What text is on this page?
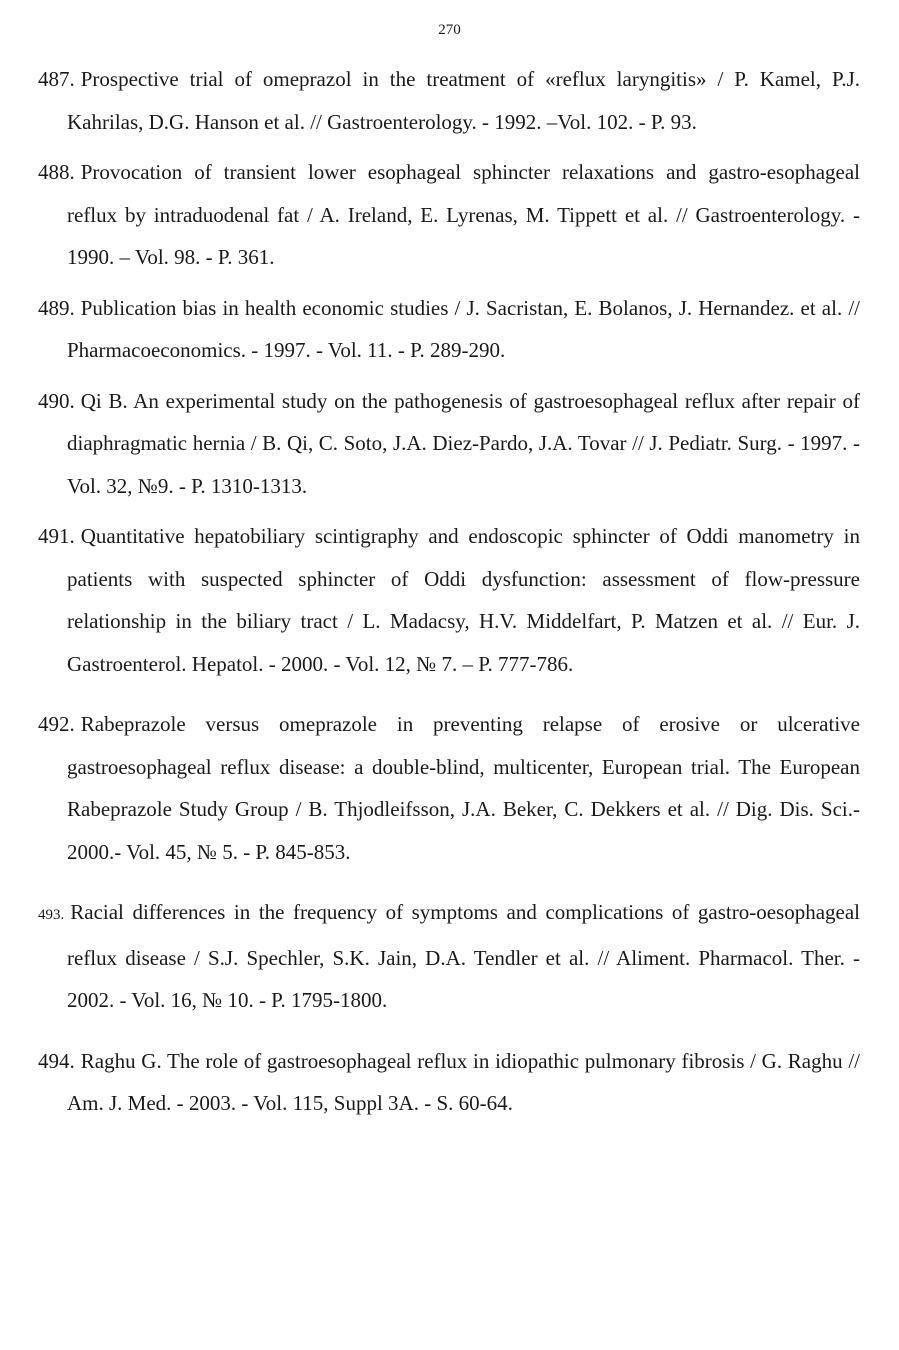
270
487. Prospective trial of omeprazol in the treatment of «reflux laryngitis» / P. Kamel, P.J. Kahrilas, D.G. Hanson et al. // Gastroenterology. - 1992. –Vol. 102. - P. 93.
488. Provocation of transient lower esophageal sphincter relaxations and gastro-esophageal reflux by intraduodenal fat / A. Ireland, E. Lyrenas, M. Tippett et al. // Gastroenterology. - 1990. – Vol. 98. - P. 361.
489. Publication bias in health economic studies / J. Sacristan, E. Bolanos, J. Hernandez. et al. // Pharmacoeconomics. - 1997. - Vol. 11. - P. 289-290.
490. Qi B. An experimental study on the pathogenesis of gastroesophageal reflux after repair of diaphragmatic hernia / B. Qi, C. Soto, J.A. Diez-Pardo, J.A. Tovar // J. Pediatr. Surg. - 1997. - Vol. 32, №9. - P. 1310-1313.
491. Quantitative hepatobiliary scintigraphy and endoscopic sphincter of Oddi manometry in patients with suspected sphincter of Oddi dysfunction: assessment of flow-pressure relationship in the biliary tract / L. Madacsy, H.V. Middelfart, P. Matzen et al. // Eur. J. Gastroenterol. Hepatol. - 2000. - Vol. 12, № 7. – P. 777-786.
492. Rabeprazole versus omeprazole in preventing relapse of erosive or ulcerative gastroesophageal reflux disease: a double-blind, multicenter, European trial. The European Rabeprazole Study Group / B. Thjodleifsson, J.A. Beker, C. Dekkers et al. // Dig. Dis. Sci.- 2000.- Vol. 45, № 5. - P. 845-853.
493. Racial differences in the frequency of symptoms and complications of gastro-oesophageal reflux disease / S.J. Spechler, S.K. Jain, D.A. Tendler et al. // Aliment. Pharmacol. Ther. - 2002. - Vol. 16, № 10. - P. 1795-1800.
494. Raghu G. The role of gastroesophageal reflux in idiopathic pulmonary fibrosis / G. Raghu // Am. J. Med. - 2003. - Vol. 115, Suppl 3A. - S. 60-64.
